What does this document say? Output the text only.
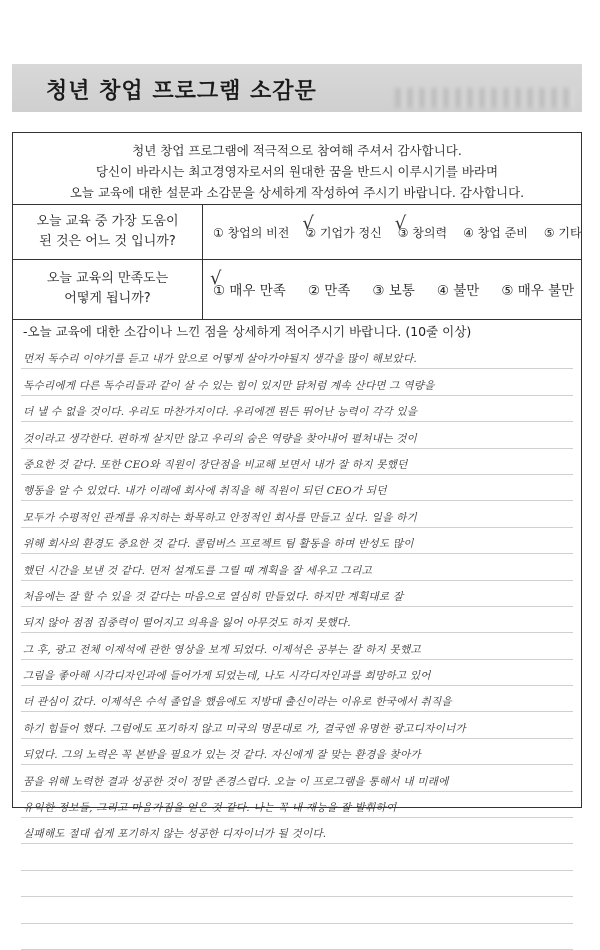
청년 창업 프로그램 소감문
청년 창업 프로그램에 적극적으로 참여해 주셔서 감사합니다.
당신이 바라시는 최고경영자로서의 원대한 꿈을 반드시 이루시기를 바라며
오늘 교육에 대한 설문과 소감문을 상세하게 작성하여 주시기 바랍니다. 감사합니다.
오늘 교육 중 가장 도움이
된 것은 어느 것 입니까?
① 창업의 비전 √
② 기업가 정신 √
③ 창의력 ④ 창업 준비 ⑤ 기타
오늘 교육의 만족도는
어떻게 됩니까?
√
① 매우 만족 ② 만족 ③ 보통 ④ 불만 ⑤ 매우 불만
-오늘 교육에 대한 소감이나 느낀 점을 상세하게 적어주시기 바랍니다. (10줄 이상)
먼저 독수리 이야기를 듣고 내가 앞으로 어떻게 살아가야될지 생각을 많이 해보았다.
독수리에게 다른 독수리들과 같이 살 수 있는 힘이 있지만 닭처럼 계속 산다면 그 역량을
더 낼 수 없을 것이다. 우리도 마찬가지이다. 우리에겐 뭔든 뛰어난 능력이 각각 있을
것이라고 생각한다. 편하게 살지만 않고 우리의 숨은 역량을 찾아내어 펼쳐내는 것이
중요한 것 같다. 또한 CEO와 직원이 장단점을 비교해 보면서 내가 잘 하지 못했던
행동을 알 수 있었다. 내가 이래에 회사에 취직을 해 직원이 되던 CEO가 되던
모두가 수평적인 관계를 유지하는 화목하고 안정적인 회사를 만들고 싶다. 일을 하기
위해 회사의 환경도 중요한 것 같다. 콜럼버스 프로젝트 팀 활동을 하며 반성도 많이
했던 시간을 보낸 것 같다. 먼저 설계도를 그릴 때 계획을 잘 세우고 그리고
처음에는 잘 할 수 있을 것 같다는 마음으로 열심히 만들었다. 하지만 계획대로 잘
되지 않아 점점 집중력이 떨어지고 의욕을 잃어 아무것도 하지 못했다.
그 후, 광고 전체 이제석에 관한 영상을 보게 되었다. 이제석은 공부는 잘 하지 못했고
그림을 좋아해 시각디자인과에 들어가게 되었는데, 나도 시각디자인과를 희망하고 있어
더 관심이 갔다. 이제석은 수석 졸업을 했음에도 지방대 출신이라는 이유로 한국에서 취직을
하기 힘들어 했다. 그럼에도 포기하지 않고 미국의 명문대로 가, 결국엔 유명한 광고디자이너가
되었다. 그의 노력은 꼭 본받을 필요가 있는 것 같다. 자신에게 잘 맞는 환경을 찾아가
꿈을 위해 노력한 결과 성공한 것이 정말 존경스럽다. 오늘 이 프로그램을 통해서 내 미래에
유익한 정보들, 그리고 마음가짐을 얻은 것 같다. 나는 꼭 내 재능을 잘 발휘하여
실패해도 절대 쉽게 포기하지 않는 성공한 디자이너가 될 것이다.
